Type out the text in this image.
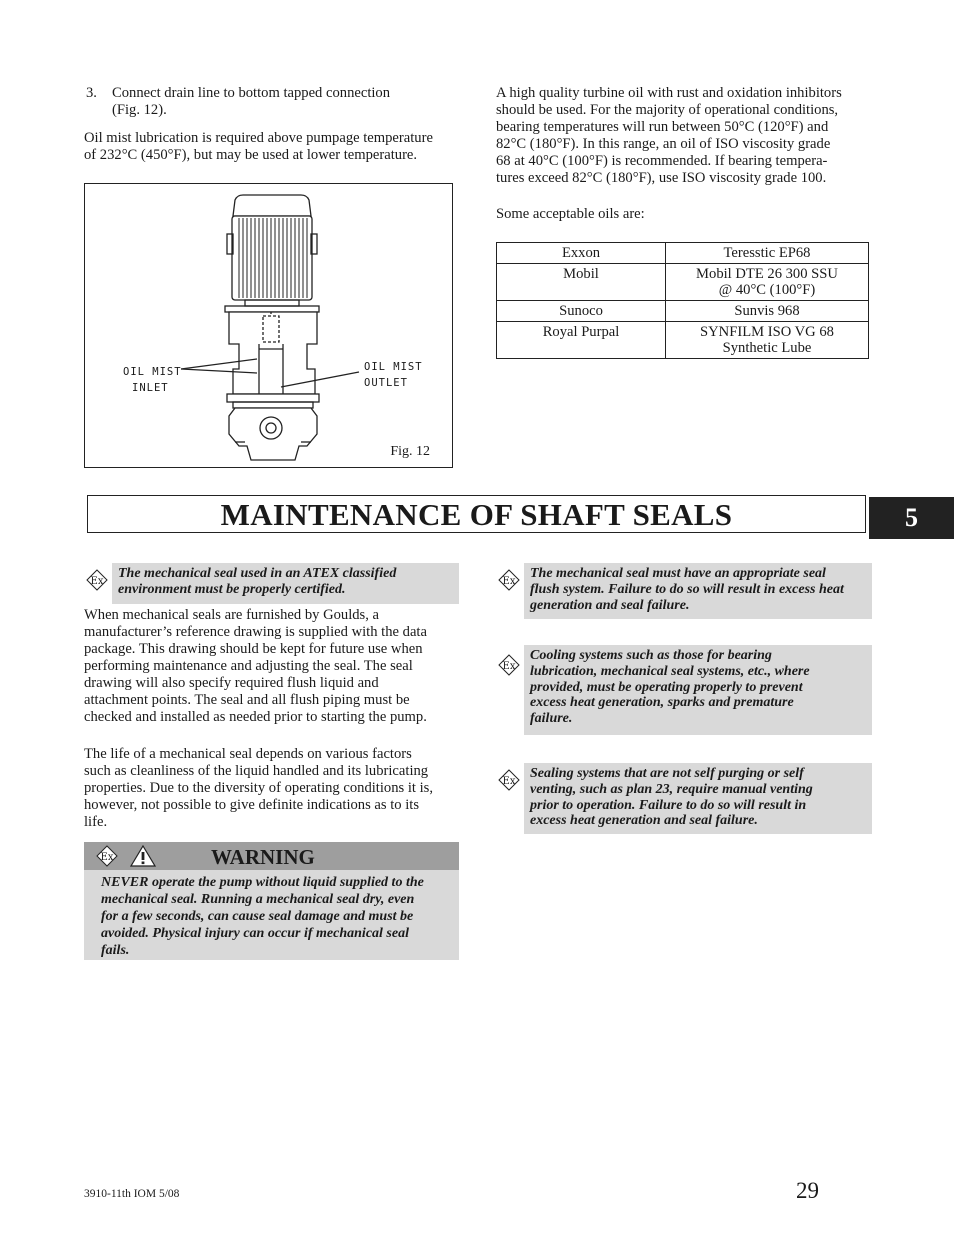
3. Connect drain line to bottom tapped connection
(Fig. 12).
Oil mist lubrication is required above pumpage temperature
of 232°C (450°F), but may be used at lower temperature.
OIL MIST
INLET
OIL MIST
OUTLET
Fig. 12
A high quality turbine oil with rust and oxidation inhibitors
should be used. For the majority of operational conditions,
bearing temperatures will run between 50°C (120°F) and
82°C (180°F). In this range, an oil of ISO viscosity grade
68 at 40°C (100°F) is recommended. If bearing tempera-
tures exceed 82°C (180°F), use ISO viscosity grade 100.
Some acceptable oils are:
Exxon	Teresstic EP68

Mobil	Mobil DTE 26 300 SSU
@ 40°C (100°F)

Sunoco	Sunvis 968

Royal Purpal	SYNFILM ISO VG 68
Synthetic Lube
MAINTENANCE OF SHAFT SEALS	5
Ex
The mechanical seal used in an ATEX classified
environment must be properly certified.
When mechanical seals are furnished by Goulds, a
manufacturer’s reference drawing is supplied with the data
package. This drawing should be kept for future use when
performing maintenance and adjusting the seal. The seal
drawing will also specify required flush liquid and
attachment points. The seal and all flush piping must be
checked and installed as needed prior to starting the pump.
The life of a mechanical seal depends on various factors
such as cleanliness of the liquid handled and its lubricating
properties. Due to the diversity of operating conditions it is,
however, not possible to give definite indications as to its
life.
Ex	WARNING
NEVER operate the pump without liquid supplied to the
mechanical seal. Running a mechanical seal dry, even
for a few seconds, can cause seal damage and must be
avoided. Physical injury can occur if mechanical seal
fails.
Ex
The mechanical seal must have an appropriate seal
flush system. Failure to do so will result in excess heat
generation and seal failure.
Ex
Cooling systems such as those for bearing
lubrication, mechanical seal systems, etc., where
provided, must be operating properly to prevent
excess heat generation, sparks and premature
failure.
Ex
Sealing systems that are not self purging or self
venting, such as plan 23, require manual venting
prior to operation. Failure to do so will result in
excess heat generation and seal failure.
3910-11th IOM 5/08	29
